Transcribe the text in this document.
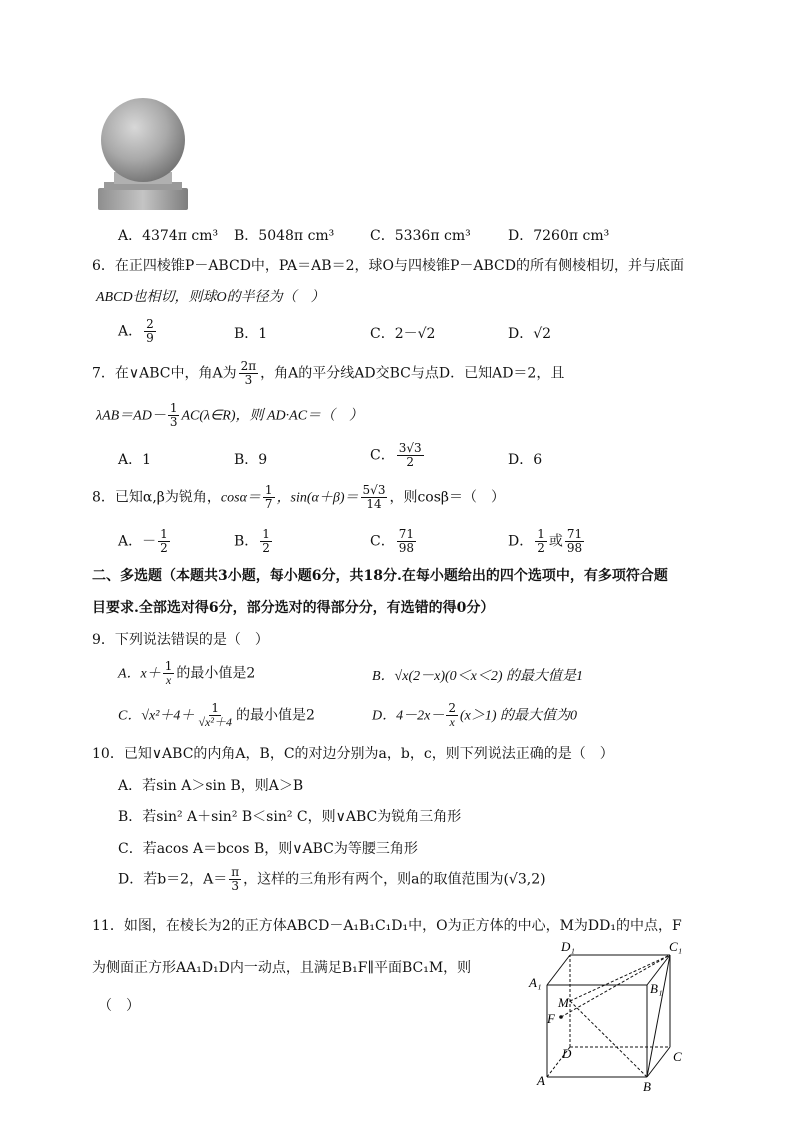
A．4374π cm³ B．5048π cm³	C．5336π cm³	D．7260π cm³
6．在正四棱锥P－ABCD中，PA＝AB＝2，球O与四棱锥P－ABCD的所有侧棱相切，并与底面
ABCD也相切，则球O的半径为（　）
A． $\frac{2}{9}$	B．1	C．2－√2	D．√2
7．在∨ABC中，角A为 $\frac{2\pi}{3}$ ，角A的平分线AD交BC与点D．已知AD＝2，且
$\lambda AB=AD- \frac{1}{3}$ AC(λ∈R)，则 AD·AC＝（　）
A．1	B．9	C． $\frac{3√3}{2}$	D．6
8．已知α,β为锐角，$\cos\alpha= \frac{1}{7}$ ，$\sin(\alpha+\beta)= \frac{5√3}{14}$ ，则cosβ＝（　）
A．－ $\frac{1}{2}$	B． $\frac{1}{2}$	C． $\frac{71}{98}$	D． $\frac{1}{2}$ 或 $\frac{71}{98}$
二、多选题（本题共3小题，每小题6分，共18分.在每小题给出的四个选项中，有多项符合题
目要求.全部选对得6分，部分选对的得部分分，有选错的得0分）
9．下列说法错误的是（　）
A．$x+ \frac{1}{x}$ 的最小值是2	B．√x(2－x)(0＜x＜2) 的最大值是1
C．$√x^2+4+ \frac{1}{\text{√x²＋4}}$ 的最小值是2	D．$4-2x- \frac{2}{x} (x>1)$ 的最大值为0
10．已知∨ABC的内角A，B，C的对边分别为a，b，c，则下列说法正确的是（　）
A．若sin A＞sin B，则A＞B
B．若sin² A＋sin² B＜sin² C，则∨ABC为锐角三角形
C．若acos A＝bcos B，则∨ABC为等腰三角形
D．若b＝2，$A= \frac{\pi}{3}$ ，这样的三角形有两个，则a的取值范围为(√3,2)
11．如图，在棱长为2的正方体ABCD－A₁B₁C₁D₁中，O为正方体的中心，M为DD₁的中点，F
为侧面正方形AA₁D₁D内一动点，且满足B₁F∥平面BC₁M，则
（　）
D₁	C₁
A₁	B₁
M
F
D	C
A	B
